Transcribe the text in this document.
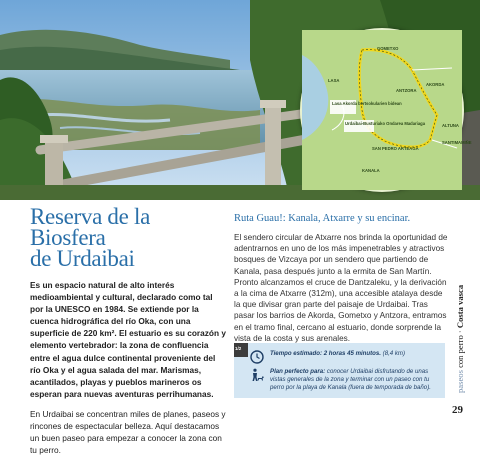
GOMETXO
LASA
AKORDA
ANTZORA
Lasa Akorda bertsokularien bidean
Urdaibai-Busturiako Ondarea Madariaga	ALTUNA
SANTIMAMIÑE
SAN PEDRO ARTEAGA
KANALA
Reserva de la Biosfera
de Urdaibai

Es un espacio natural de alto interés medioambiental y cultural, declarado como tal por la UNESCO en 1984. Se extiende por la cuenca hidrográfica del río Oka, con una superficie de 220 km². El estuario es su corazón y elemento vertebrador: la zona de confluencia entre el agua dulce continental proveniente del río Oka y el agua salada del mar. Marismas, acantilados, playas y pueblos marineros os esperan para nuevas aventuras perrihumanas.

En Urdaibai se concentran miles de planes, paseos y rincones de espectacular belleza. Aquí destacamos un buen paseo para empezar a conocer la zona con tu perro.

Ruta Guau!: Kanala, Atxarre y su encinar.

El sendero circular de Atxarre nos brinda la oportunidad de adentrarnos en uno de los más impenetrables y atractivos bosques de Vizcaya por un sendero que partiendo de Kanala, pasa después junto a la ermita de San Martín. Pronto alcanzamos el cruce de Dantzaleku, y la derivación a la cima de Atxarre (312m), una accesible atalaya desde la que divisar gran parte del paisaje de Urdaibai. Tras pasar los barrios de Akorda, Gometxo y Antzora, entramos en el tramo final, cercano al estuario, donde sorprende la vista de la costa y sus arenales.

1/2
Tiempo estimado: 2 horas 45 minutos. (8,4 km)
Plan perfecto para: conocer Urdaibai disfrutando de unas vistas generales de la zona y terminar con un paseo con tu perro por la playa de Kanala (fuera de temporada de baño).	paseos con perro · Costa vasca
29
